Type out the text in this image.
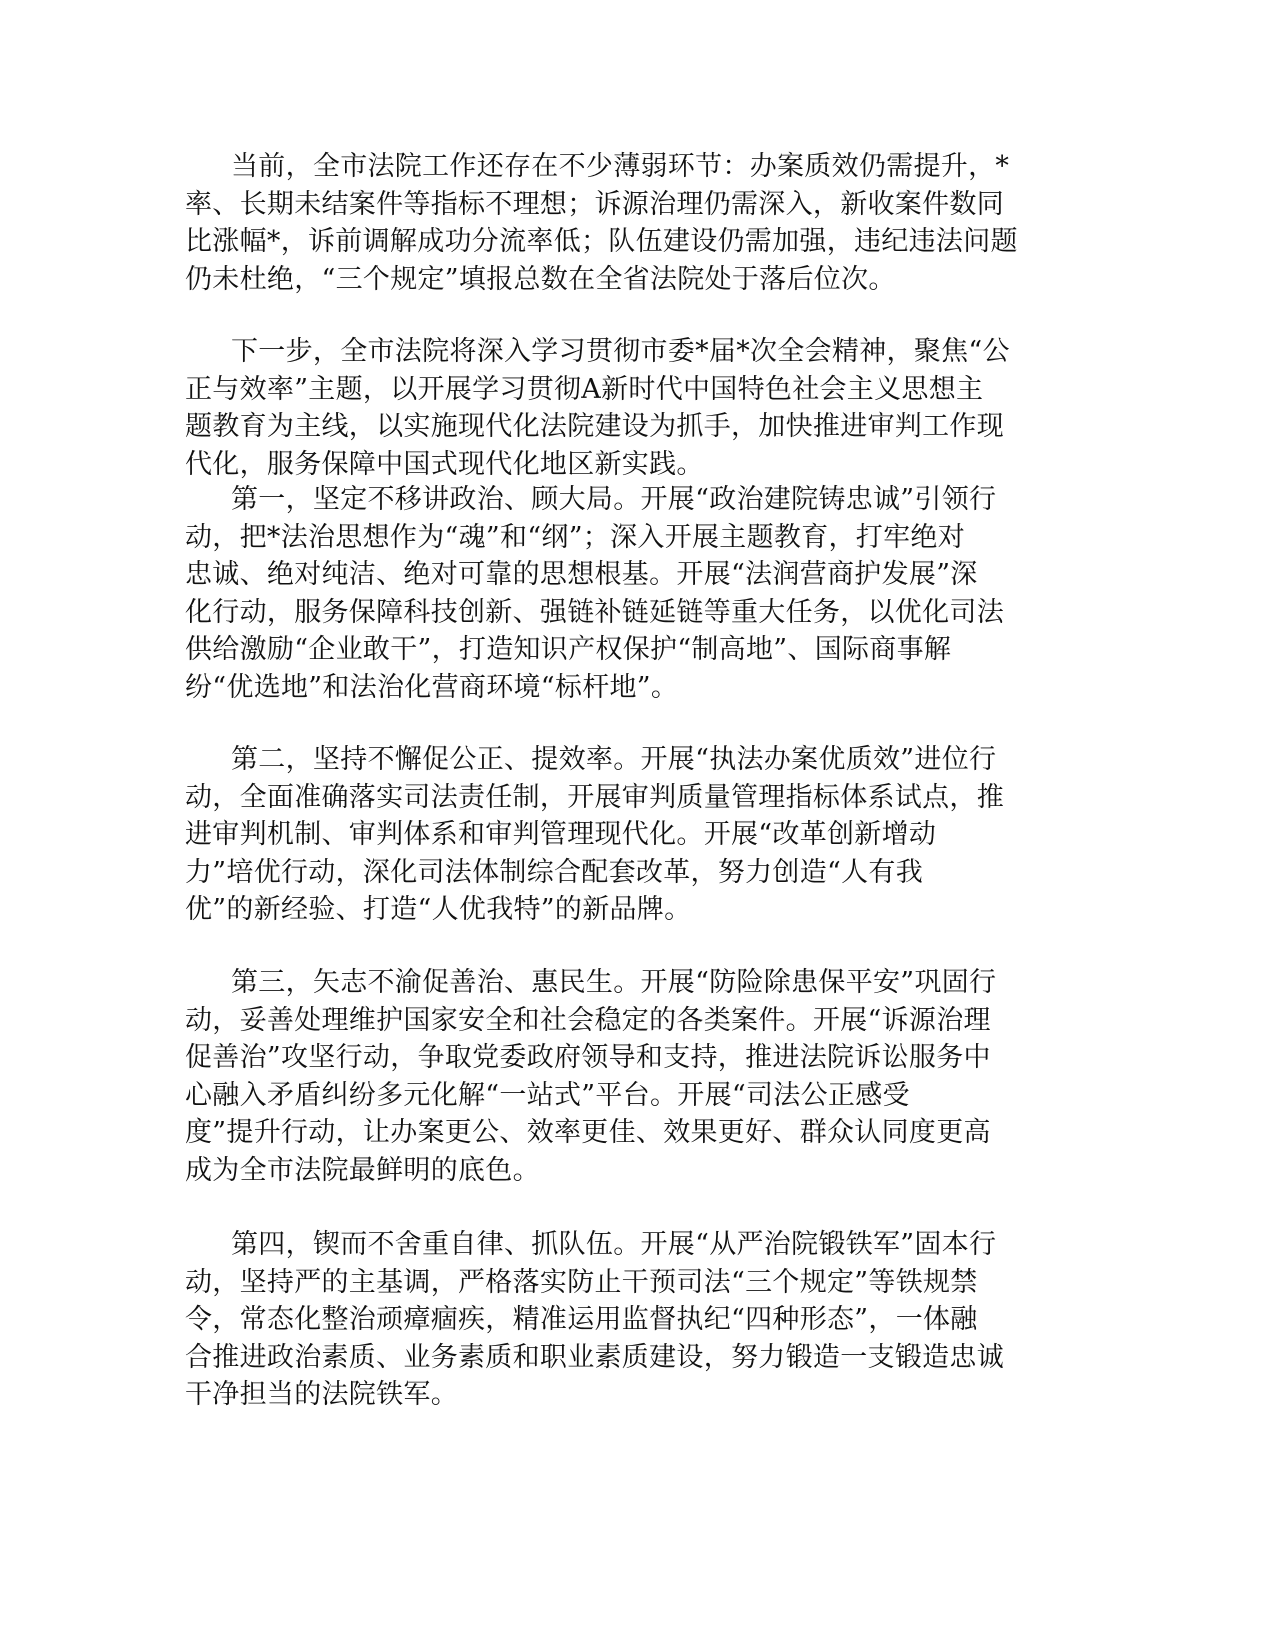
当前，全市法院工作还存在不少薄弱环节：办案质效仍需提升，*
率、长期未结案件等指标不理想；诉源治理仍需深入，新收案件数同
比涨幅*，诉前调解成功分流率低；队伍建设仍需加强，违纪违法问题
仍未杜绝，“三个规定”填报总数在全省法院处于落后位次。

下一步，全市法院将深入学习贯彻市委*届*次全会精神，聚焦“公
正与效率”主题，以开展学习贯彻A新时代中国特色社会主义思想主
题教育为主线，以实施现代化法院建设为抓手，加快推进审判工作现
代化，服务保障中国式现代化地区新实践。

第一，坚定不移讲政治、顾大局。开展“政治建院铸忠诚”引领行
动，把*法治思想作为“魂”和“纲”；深入开展主题教育，打牢绝对
忠诚、绝对纯洁、绝对可靠的思想根基。开展“法润营商护发展”深
化行动，服务保障科技创新、强链补链延链等重大任务，以优化司法
供给激励“企业敢干”，打造知识产权保护“制高地”、国际商事解
纷“优选地”和法治化营商环境“标杆地”。

第二，坚持不懈促公正、提效率。开展“执法办案优质效”进位行
动，全面准确落实司法责任制，开展审判质量管理指标体系试点，推
进审判机制、审判体系和审判管理现代化。开展“改革创新增动
力”培优行动，深化司法体制综合配套改革，努力创造“人有我
优”的新经验、打造“人优我特”的新品牌。

第三，矢志不渝促善治、惠民生。开展“防险除患保平安”巩固行
动，妥善处理维护国家安全和社会稳定的各类案件。开展“诉源治理
促善治”攻坚行动，争取党委政府领导和支持，推进法院诉讼服务中
心融入矛盾纠纷多元化解“一站式”平台。开展“司法公正感受
度”提升行动，让办案更公、效率更佳、效果更好、群众认同度更高
成为全市法院最鲜明的底色。

第四，锲而不舍重自律、抓队伍。开展“从严治院锻铁军”固本行
动，坚持严的主基调，严格落实防止干预司法“三个规定”等铁规禁
令，常态化整治顽瘴痼疾，精准运用监督执纪“四种形态”，一体融
合推进政治素质、业务素质和职业素质建设，努力锻造一支锻造忠诚
干净担当的法院铁军。
